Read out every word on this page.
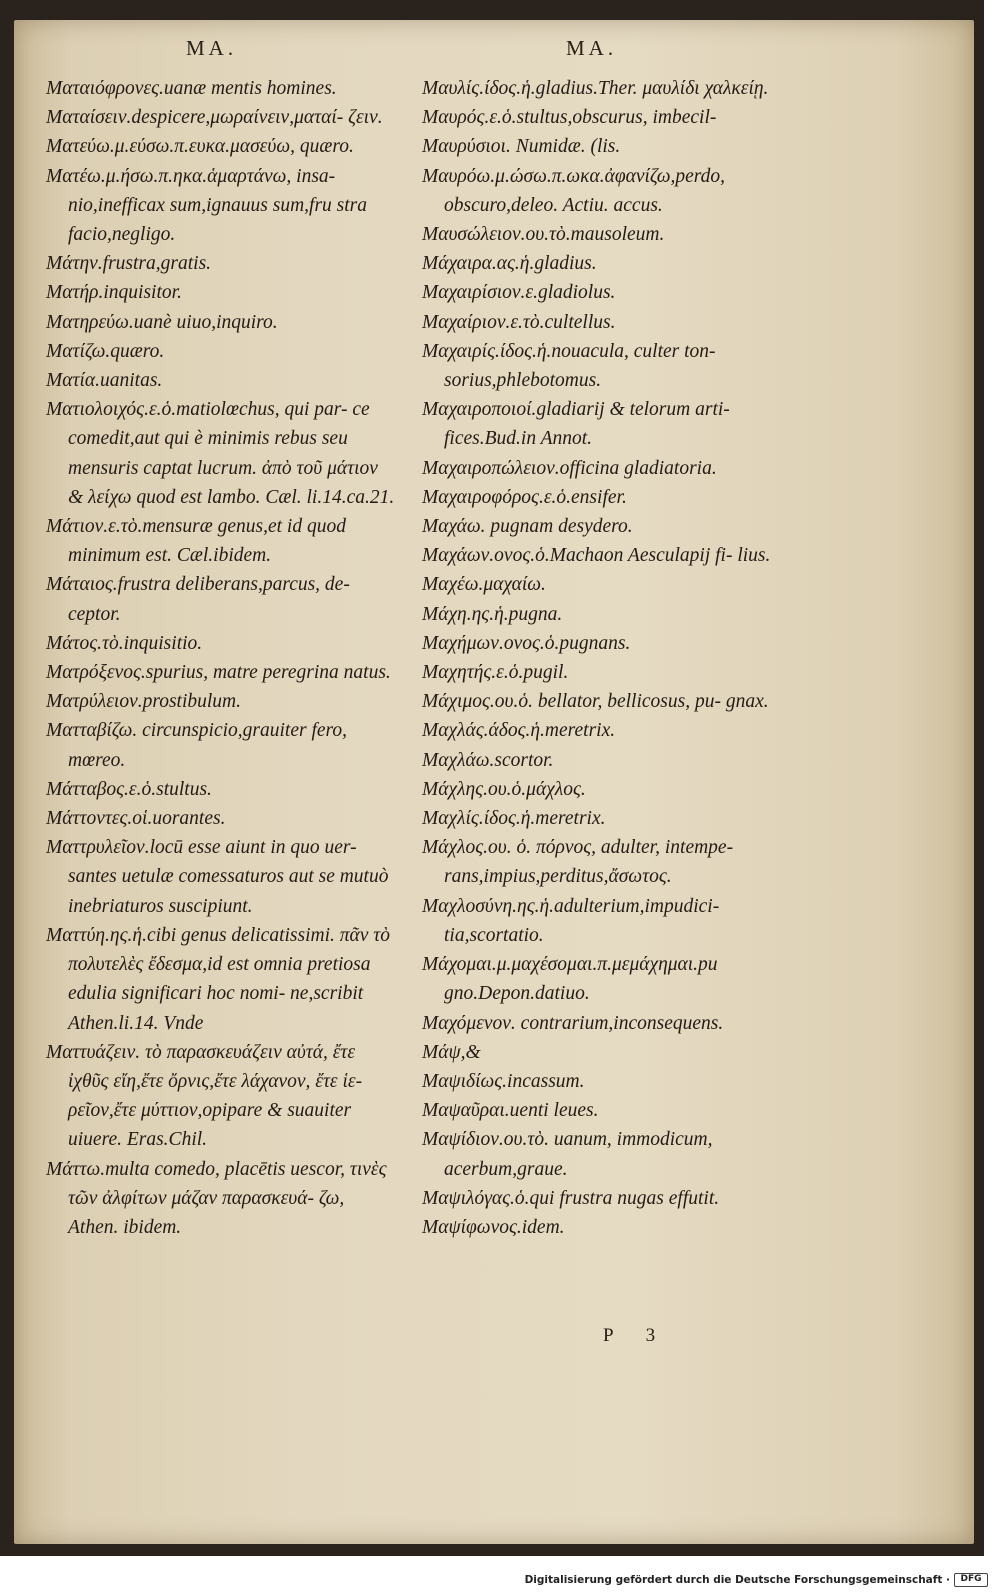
MA.	MA.

Ματαιόφρονες.uanæ mentis homines.

Ματαίσειν.despicere,μωραίνειν,ματαί- ζειν.

Ματεύω.μ.εύσω.π.ευκα.μασεύω, quæro.

Ματέω.μ.ήσω.π.ηκα.ἁμαρτάνω, insa- nio,inefficax sum,ignauus sum,fru stra facio,negligo.

Μάτην.frustra,gratis.

Ματήρ.inquisitor.

Ματηρεύω.uanè uiuo,inquiro.

Ματίζω.quæro.

Ματία.uanitas.

Ματιολοιχός.ε.ὁ.matiolœchus, qui par- ce comedit,aut qui è minimis rebus seu mensuris captat lucrum. ἀπὸ τοῦ μάτιον & λείχω quod est lambo. Cæl. li.14.ca.21.

Μάτιον.ε.τὸ.mensuræ genus,et id quod minimum est. Cæl.ibidem.

Μάταιος.frustra deliberans,parcus, de- ceptor.

Μάτος.τὸ.inquisitio.

Ματρόξενος.spurius, matre peregrina natus.

Ματρύλειον.prostibulum.

Ματταβίζω. circunspicio,grauiter fero, mœreo.

Μάτταβος.ε.ὁ.stultus.

Μάττοντες.οἱ.uorantes.

Ματτρυλεῖον.locū esse aiunt in quo uer- santes uetulæ comessaturos aut se mutuò inebriaturos suscipiunt.

Ματτύη.ης.ἡ.cibi genus delicatissimi. πᾶν τὸ πολυτελὲς ἔδεσμα,id est omnia pretiosa edulia significari hoc nomi- ne,scribit Athen.li.14. Vnde

Ματτυάζειν. τὸ παρασκευάζειν αὐτά, ἔτε ἰχθῦς εἴη,ἔτε ὄρνις,ἔτε λάχανον, ἔτε ἱε- ρεῖον,ἔτε μύττιον,opipare & suauiter uiuere. Eras.Chil.

Μάττω.multa comedo, placētis uescor, τινὲς τῶν ἀλφίτων μάζαν παρασκευά- ζω, Athen. ibidem.

Μαυλίς.ίδος.ἡ.gladius.Ther. μαυλίδι χαλκείῃ.

Μαυρός.ε.ὁ.stultus,obscurus, imbecil-

Μαυρύσιοι. Numidæ. (lis.

Μαυρόω.μ.ώσω.π.ωκα.ἀφανίζω,perdo, obscuro,deleo. Actiu. accus.

Μαυσώλειον.ου.τὸ.mausoleum.

Μάχαιρα.ας.ἡ.gladius.

Μαχαιρίσιον.ε.gladiolus.

Μαχαίριον.ε.τὸ.cultellus.

Μαχαιρίς.ίδος.ἡ.nouacula, culter ton- sorius,phlebotomus.

Μαχαιροποιοί.gladiarij & telorum arti- fices.Bud.in Annot.

Μαχαιροπώλειον.officina gladiatoria.

Μαχαιροφόρος.ε.ὁ.ensifer.

Μαχάω. pugnam desydero.

Μαχάων.ονος.ὁ.Machaon Aesculapij fi- lius.

Μαχέω.μαχαίω.

Μάχη.ης.ἡ.pugna.

Μαχήμων.ονος.ὁ.pugnans.

Μαχητής.ε.ὁ.pugil.

Μάχιμος.ου.ὁ. bellator, bellicosus, pu- gnax.

Μαχλάς.άδος.ἡ.meretrix.

Μαχλάω.scortor.

Μάχλης.ου.ὁ.μάχλος.

Μαχλίς.ίδος.ἡ.meretrix.

Μάχλος.ου. ὁ. πόρνος, adulter, intempe- rans,impius,perditus,ἄσωτος.

Μαχλοσύνη.ης.ἡ.adulterium,impudici- tia,scortatio.

Μάχομαι.μ.μαχέσομαι.π.μεμάχημαι.pu gno.Depon.datiuo.

Μαχόμενον. contrarium,inconsequens.

Μάψ,&

Μαψιδίως.incassum.

Μαψαῦραι.uenti leues.

Μαψίδιον.ου.τὸ. uanum, immodicum, acerbum,graue.

Μαψιλόγας.ὁ.qui frustra nugas effutit.

Μαψίφωνος.idem.

P 3
Digitalisierung gefördert durch die Deutsche Forschungsgemeinschaft ·	DFG
